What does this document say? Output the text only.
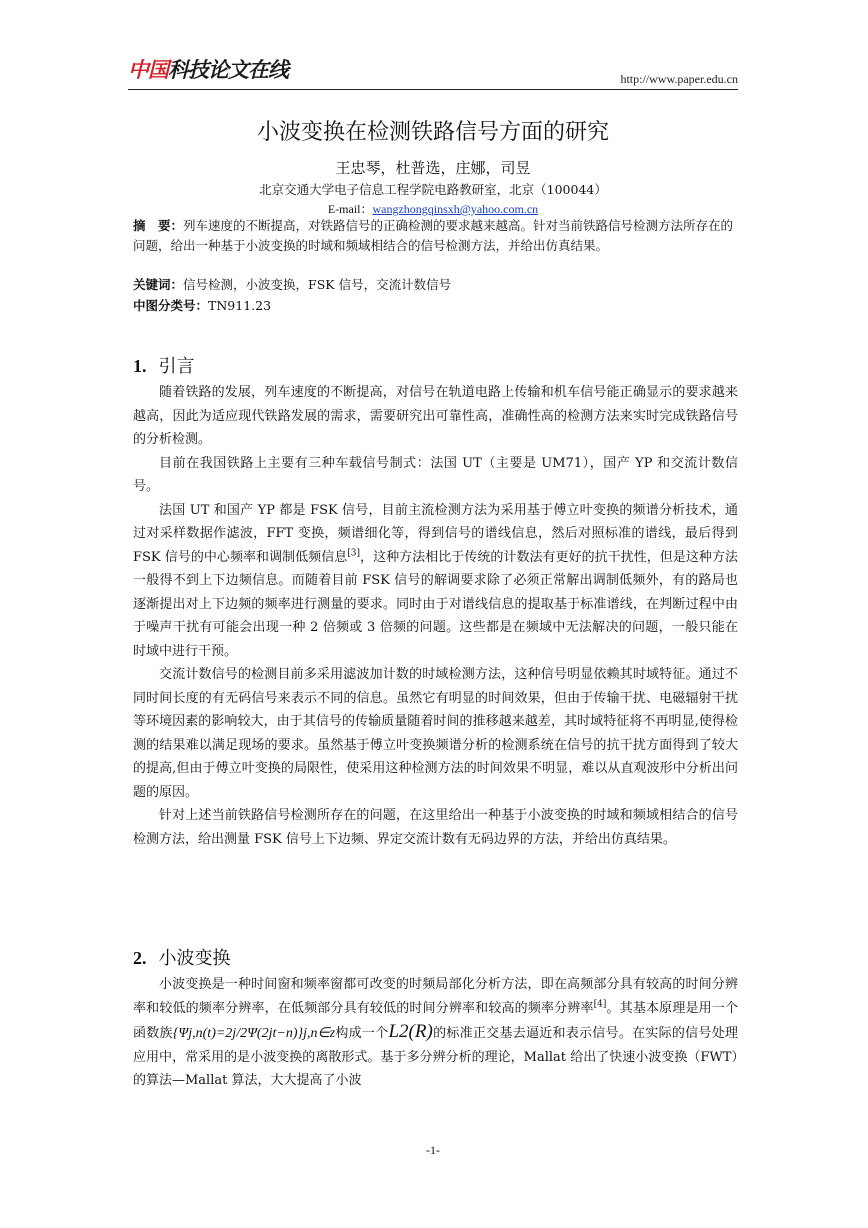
中国 科技论文在线	http://www.paper.edu.cn
小波变换在检测铁路信号方面的研究
王忠琴，杜普选，庄娜，司昱
北京交通大学电子信息工程学院电路教研室，北京（100044）
E-mail：wangzhongqinsxh@yahoo.com.cn
摘　要：列车速度的不断提高，对铁路信号的正确检测的要求越来越高。针对当前铁路信号检测方法所存在的问题，给出一种基于小波变换的时域和频域相结合的信号检测方法，并给出仿真结果。
关键词：信号检测，小波变换，FSK 信号，交流计数信号
中图分类号：TN911.23
1. 引言

随着铁路的发展，列车速度的不断提高，对信号在轨道电路上传输和机车信号能正确显示的要求越来越高，因此为适应现代铁路发展的需求，需要研究出可靠性高，准确性高的检测方法来实时完成铁路信号的分析检测。

目前在我国铁路上主要有三种车载信号制式：法国 UT（主要是 UM71），国产 YP 和交流计数信号。

法国 UT 和国产 YP 都是 FSK 信号，目前主流检测方法为采用基于傅立叶变换的频谱分析技术，通过对采样数据作滤波，FFT 变换，频谱细化等，得到信号的谱线信息，然后对照标准的谱线，最后得到 FSK 信号的中心频率和调制低频信息[3]，这种方法相比于传统的计数法有更好的抗干扰性，但是这种方法一般得不到上下边频信息。而随着目前 FSK 信号的解调要求除了必须正常解出调制低频外，有的路局也逐渐提出对上下边频的频率进行测量的要求。同时由于对谱线信息的提取基于标准谱线，在判断过程中由于噪声干扰有可能会出现一种 2 倍频或 3 倍频的问题。这些都是在频域中无法解决的问题，一般只能在时域中进行干预。

交流计数信号的检测目前多采用滤波加计数的时域检测方法，这种信号明显依赖其时域特征。通过不同时间长度的有无码信号来表示不同的信息。虽然它有明显的时间效果，但由于传输干扰、电磁辐射干扰等环境因素的影响较大，由于其信号的传输质量随着时间的推移越来越差，其时域特征将不再明显,使得检测的结果难以满足现场的要求。虽然基于傅立叶变换频谱分析的检测系统在信号的抗干扰方面得到了较大的提高,但由于傅立叶变换的局限性，使采用这种检测方法的时间效果不明显，难以从直观波形中分析出问题的原因。

针对上述当前铁路信号检测所存在的问题，在这里给出一种基于小波变换的时域和频域相结合的信号检测方法，给出测量 FSK 信号上下边频、界定交流计数有无码边界的方法，并给出仿真结果。

2. 小波变换

小波变换是一种时间窗和频率窗都可改变的时频局部化分析方法，即在高频部分具有较高的时间分辨率和较低的频率分辨率，在低频部分具有较低的时间分辨率和较高的频率分辨率[4]。其基本原理是用一个函数族{Ψj,n(t)=2j/2Ψ(2jt−n)}j,n∈z构成一个L2(R)的标准正交基去逼近和表示信号。在实际的信号处理应用中，常采用的是小波变换的离散形式。基于多分辨分析的理论，Mallat 给出了快速小波变换（FWT）的算法—Mallat 算法，大大提高了小波

-1-
